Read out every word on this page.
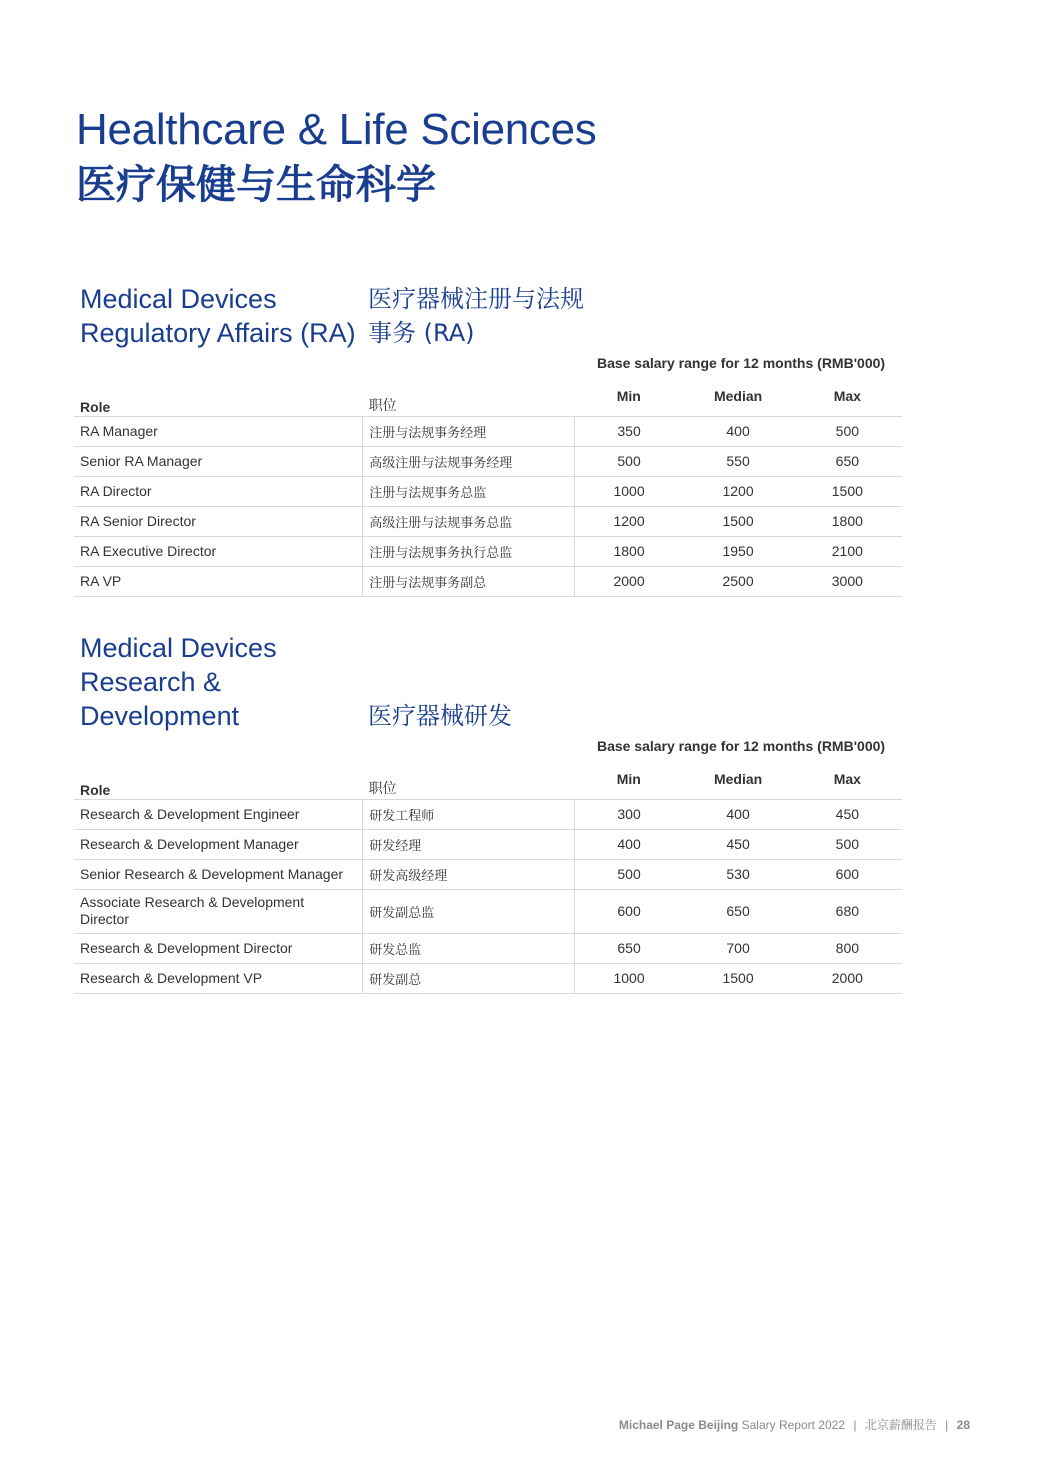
Healthcare & Life Sciences
医疗保健与生命科学
Medical Devices Regulatory Affairs (RA)
医疗器械注册与法规事务 (RA)
Base salary range for 12 months (RMB'000)
Role	职位	Min	Median	Max
RA Manager	注册与法规事务经理	350	400	500
Senior RA Manager	高级注册与法规事务经理	500	550	650
RA Director	注册与法规事务总监	1000	1200	1500
RA Senior Director	高级注册与法规事务总监	1200	1500	1800
RA Executive Director	注册与法规事务执行总监	1800	1950	2100
RA VP	注册与法规事务副总	2000	2500	3000
Medical Devices Research & Development	医疗器械研发
Base salary range for 12 months (RMB'000)
Role	职位	Min	Median	Max
Research & Development Engineer	研发工程师	300	400	450
Research & Development Manager	研发经理	400	450	500
Senior Research & Development Manager	研发高级经理	500	530	600
Associate Research & Development Director	研发副总监	600	650	680
Research & Development Director	研发总监	650	700	800
Research & Development VP	研发副总	1000	1500	2000
Michael Page Beijing Salary Report 2022 | 北京薪酬报告 | 28
